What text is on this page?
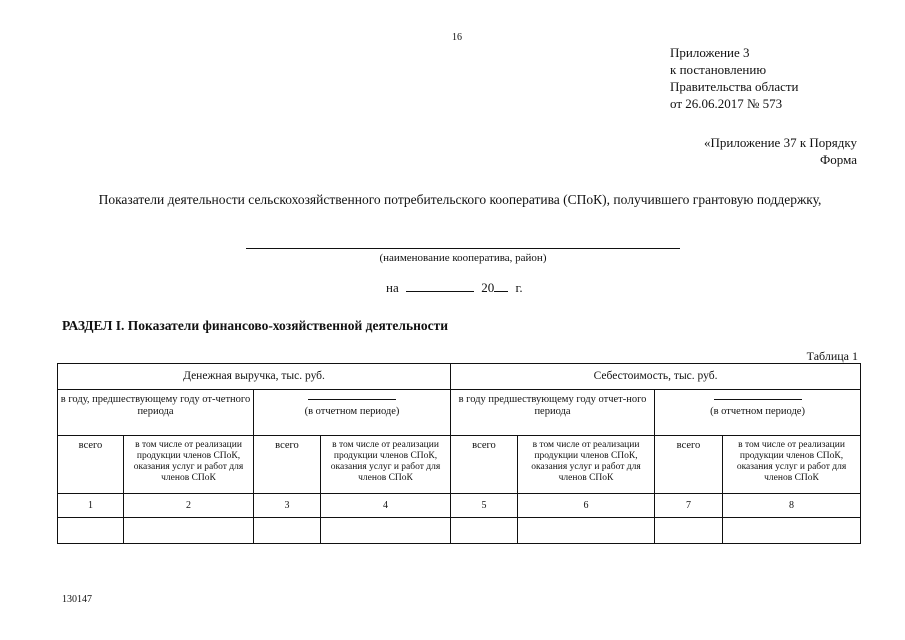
16
Приложение 3
к постановлению
Правительства области
от 26.06.2017 № 573
«Приложение 37 к Порядку
Форма
Показатели деятельности сельскохозяйственного потребительского кооператива (СПоК), получившего грантовую поддержку,
(наименование кооператива, район)
на	20 г.
РАЗДЕЛ I. Показатели финансово-хозяйственной деятельности
Таблица 1
Денежная выручка, тыс. руб.				Себестоимость, тыс. руб.			
в году, предшествующему году от-четного периода		(в отчетном периоде)		в году предшествующему году отчет-ного периода		(в отчетном периоде)	
всего	в том числе от реализации продукции членов СПоК, оказания услуг и работ для членов СПоК	всего	в том числе от реализации продукции членов СПоК, оказания услуг и работ для членов СПоК	всего	в том числе от реализации продукции членов СПоК, оказания услуг и работ для членов СПоК	всего	в том числе от реализации продукции членов СПоК, оказания услуг и работ для членов СПоК
1	2	3	4	5	6	7	8

130147
